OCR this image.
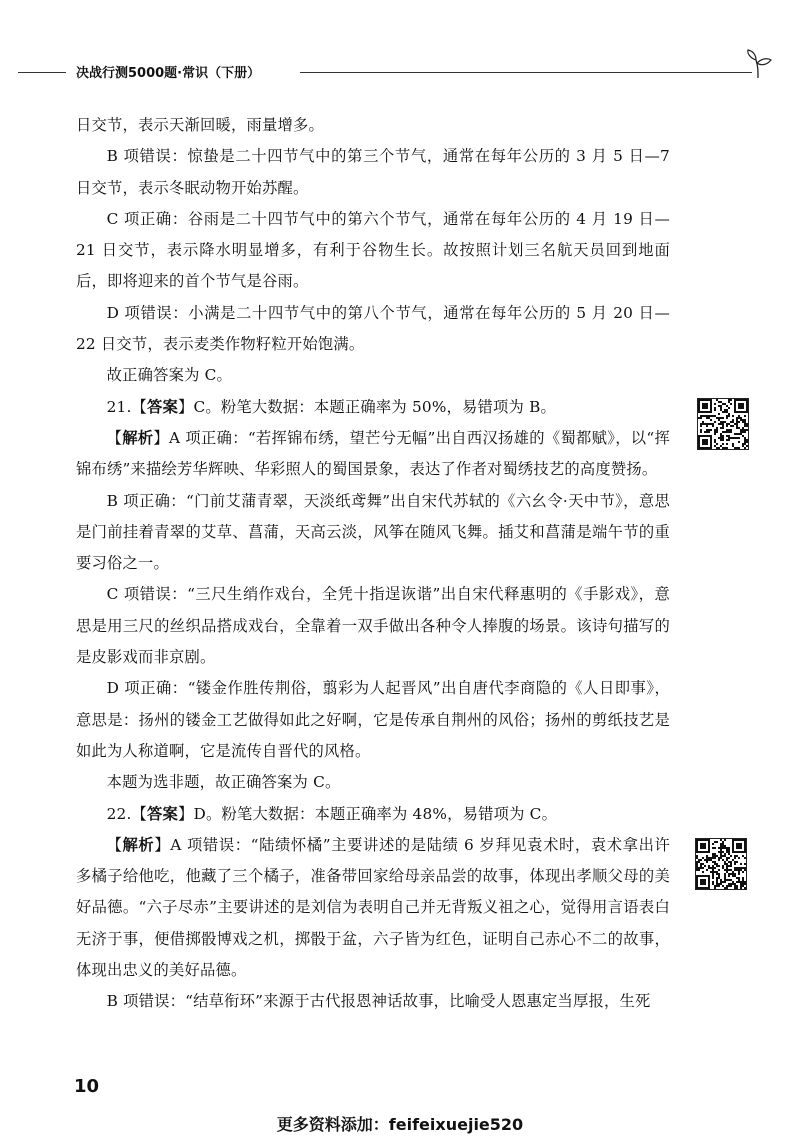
决战行测5000题·常识（下册）

日交节，表示天渐回暖，雨量增多。

B 项错误：惊蛰是二十四节气中的第三个节气，通常在每年公历的 3 月 5 日—7 日交节，表示冬眠动物开始苏醒。

C 项正确：谷雨是二十四节气中的第六个节气，通常在每年公历的 4 月 19 日—21 日交节，表示降水明显增多，有利于谷物生长。故按照计划三名航天员回到地面后，即将迎来的首个节气是谷雨。

D 项错误：小满是二十四节气中的第八个节气，通常在每年公历的 5 月 20 日—22 日交节，表示麦类作物籽粒开始饱满。

故正确答案为 C。

21.【答案】C。粉笔大数据：本题正确率为 50%，易错项为 B。

【解析】A 项正确：“若挥锦布绣，望芒兮无幅”出自西汉扬雄的《蜀都赋》，以“挥锦布绣”来描绘芳华辉映、华彩照人的蜀国景象，表达了作者对蜀绣技艺的高度赞扬。

B 项正确：“门前艾蒲青翠，天淡纸鸢舞”出自宋代苏轼的《六幺令·天中节》，意思是门前挂着青翠的艾草、菖蒲，天高云淡，风筝在随风飞舞。插艾和菖蒲是端午节的重要习俗之一。

C 项错误：“三尺生绡作戏台，全凭十指逞诙谐”出自宋代释惠明的《手影戏》，意思是用三尺的丝织品搭成戏台，全靠着一双手做出各种令人捧腹的场景。该诗句描写的是皮影戏而非京剧。

D 项正确：“镂金作胜传荆俗，翦彩为人起晋风”出自唐代李商隐的《人日即事》，意思是：扬州的镂金工艺做得如此之好啊，它是传承自荆州的风俗；扬州的剪纸技艺是如此为人称道啊，它是流传自晋代的风格。

本题为选非题，故正确答案为 C。

22.【答案】D。粉笔大数据：本题正确率为 48%，易错项为 C。

【解析】A 项错误：“陆绩怀橘”主要讲述的是陆绩 6 岁拜见袁术时，袁术拿出许多橘子给他吃，他藏了三个橘子，准备带回家给母亲品尝的故事，体现出孝顺父母的美好品德。“六子尽赤”主要讲述的是刘信为表明自己并无背叛义祖之心，觉得用言语表白无济于事，便借掷骰博戏之机，掷骰于盆，六子皆为红色，证明自己赤心不二的故事，体现出忠义的美好品德。

B 项错误：“结草衔环”来源于古代报恩神话故事，比喻受人恩惠定当厚报，生死

10
更多资料添加：feifeixuejie520
